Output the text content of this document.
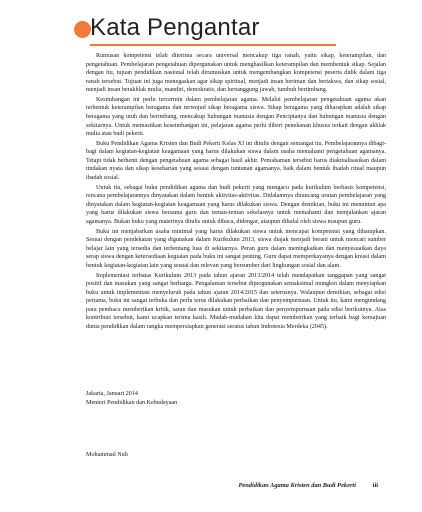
Kata Pengantar

Rumusan kompetensi telah diterima secara universal mencakup tiga ranah, yaitu sikap, keterampilan, dan pengetahuan. Pembelajaran pengetahuan dipergunakan untuk menghasilkan keterampilan dan membentuk sikap. Sejalan dengan itu, tujuan pendidikan nasional telah dirumuskan untuk mengembangkan kompetensi peserta didik dalam tiga ranah tersebut. Tujuan ini juga menegaskan agar sikap spiritual, menjadi insan beriman dan bertakwa, dan sikap sosial, menjadi insan berakhlak mulia, mandiri, demokratis, dan bertanggung jawab, tumbuh bertimbang.

Kesimbangan ini perlu tercermin dalam pembelajaran agama. Melalui pembelajaran pengetahuan agama akan terbentuk keterampilan beragama dan terwujud sikap beragama siswa. Sikap beragama yang diharapkan adalah sikap beragama yang utuh dan berimbang, mencakup hubungan manusia dengan Penciptanya dan hubungan manusia dengan sekitarnya. Untuk memastikan keseimbangan ini, pelajaran agama perlu diberi penekanan khusus terkait dengan akhlak mulia atau budi pekerti.

Buku Pendidikan Agama Kristen dan Budi Pekerti Kelas XI ini ditulis dengan semangat itu. Pembelajarannya dibagi-bagi dalam kegiatan-kegiatan keagamaan yang harus dilakukan siswa dalam usaha memahami pengetahuan agamanya. Tetapi tidak berhenti dengan pengetahuan agama sebagai hasil akhir. Pemahaman tersebut harus diaktualisasikan dalam tindakan nyata dan sikap keseharian yang sesuai dengan tuntunan agamanya, baik dalam bentuk ibadah ritual maupun ibadah sosial.

Untuk itu, sebagai buku pendidikan agama dan budi pekerti yang mengacu pada kurikulum berbasis kompetensi, rencana pembelajarannya dinyatakan dalam bentuk aktivitas-aktivitas. Didalamnya dirancang urutan pembelajaran yang dinyatakan dalam kegiatan-kegiatan keagamaan yang harus dilakukan siswa. Dengan demikian, buku ini menuntun apa yang harus dilakukan siswa bersama guru dan teman-teman sekelasnya untuk memahami dan menjalankan ajaran agamanya. Bukan buku yang materinya ditulis untuk dibaca, didengar, ataupun dihafal oleh siswa maupun guru.

Buku ini menjabarkan usaha minimal yang harus dilakukan siswa untuk mencapai kompetensi yang diharapkan. Sesuai dengan pendekatan yang digunakan dalam Kurikulum 2013, siswa diajak menjadi berani untuk mencari sumber belajar lain yang tersedia dan terbentang luas di sekitarnya. Peran guru dalam meningkatkan dan menyesuaikan daya serap siswa dengan ketersediaan kegiatan pada buku ini sangat penting. Guru dapat memperkayanya dengan kreasi dalam bentuk kegiatan-kegiatan lain yang sesuai dan relevan yang bersumber dari lingkungan sosial dan alam.

Implementasi terbatas Kurikulum 2013 pada tahun ajaran 2013/2014 telah mendapatkan tanggapan yang sangat positif dan masukan yang sangat berharga. Pengalaman tersebut dipergunakan semaksimal mungkin dalam menyiapkan buku untuk implementasi menyeluruh pada tahun ajaran 2014/2015 dan seterusnya. Walaupun demikian, sebagai edisi pertama, buku ini sangat terbuka dan perlu terus dilakukan perbaikan dan penyempurnaan. Untuk itu, kami mengundang para pembaca memberikan kritik, saran dan masukan untuk perbaikan dan penyempurnaan pada edisi berikutnya. Atas kontribusi tersebut, kami ucapkan terima kasih. Mudah-mudahan kita dapat memberikan yang terbaik bagi kemajuan dunia pendidikan dalam rangka mempersiapkan generasi seratus tahun Indonesia Merdeka (2045).

Jakarta, Januari 2014
Menteri Pendidikan dan Kebudayaan
Mohammad Nuh
Pendidikan Agama Kristen dan Budi Pekerti	iii
